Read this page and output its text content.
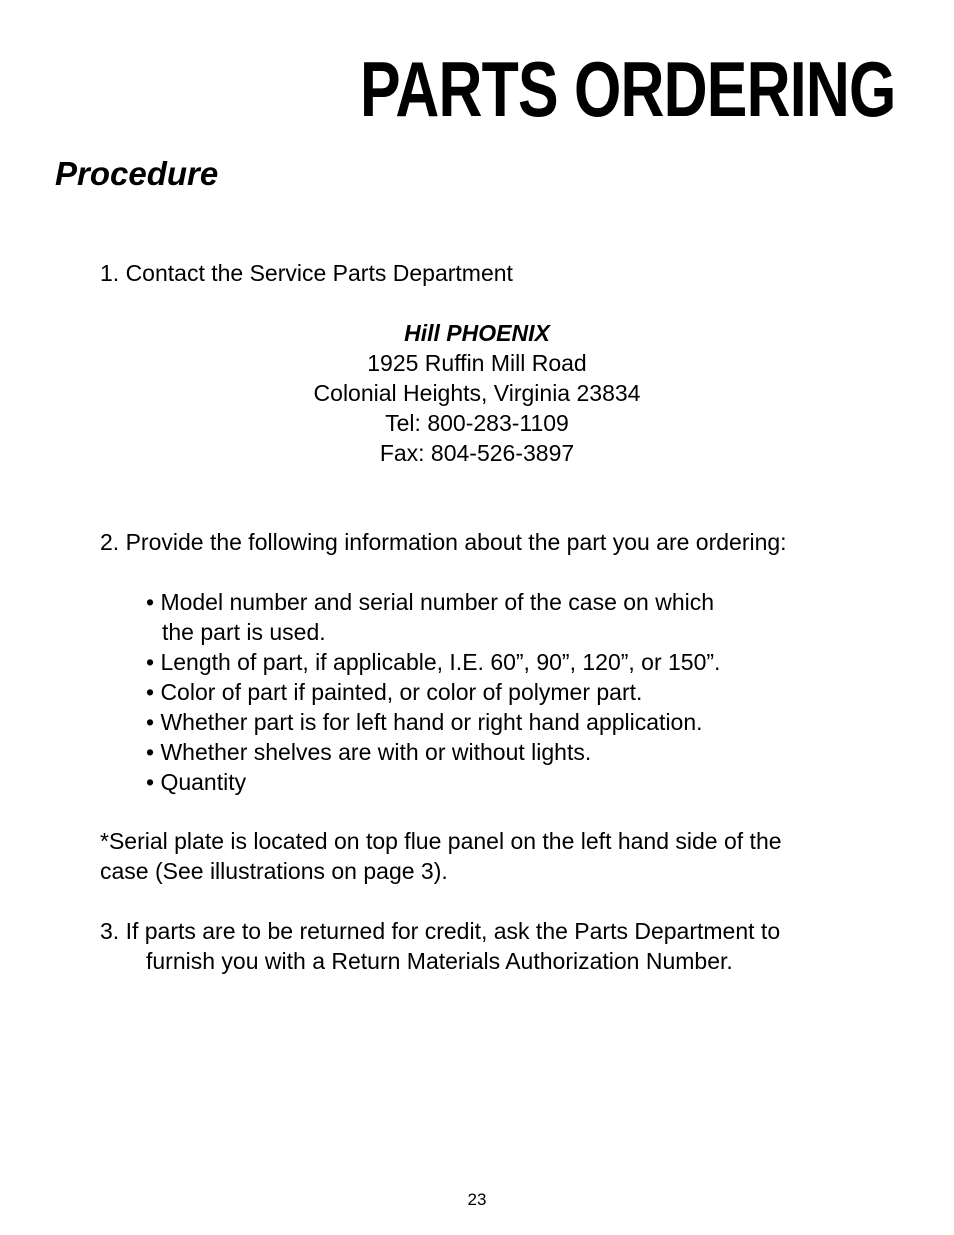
PARTS ORDERING
Procedure
1. Contact the Service Parts Department
Hill PHOENIX
1925 Ruffin Mill Road
Colonial Heights, Virginia 23834
Tel: 800-283-1109
Fax: 804-526-3897
2. Provide the following information about the part you are ordering:
• Model number and serial number of the case on which
the part is used.
• Length of part, if applicable, I.E. 60”, 90”, 120”, or 150”.
• Color of part if painted, or color of polymer part.
• Whether part is for left hand or right hand application.
• Whether shelves are with or without lights.
• Quantity
*Serial plate is located on top flue panel on the left hand side of the
case (See illustrations on page 3).
3. If parts are to be returned for credit, ask the Parts Department to
furnish you with a Return Materials Authorization Number.
23
